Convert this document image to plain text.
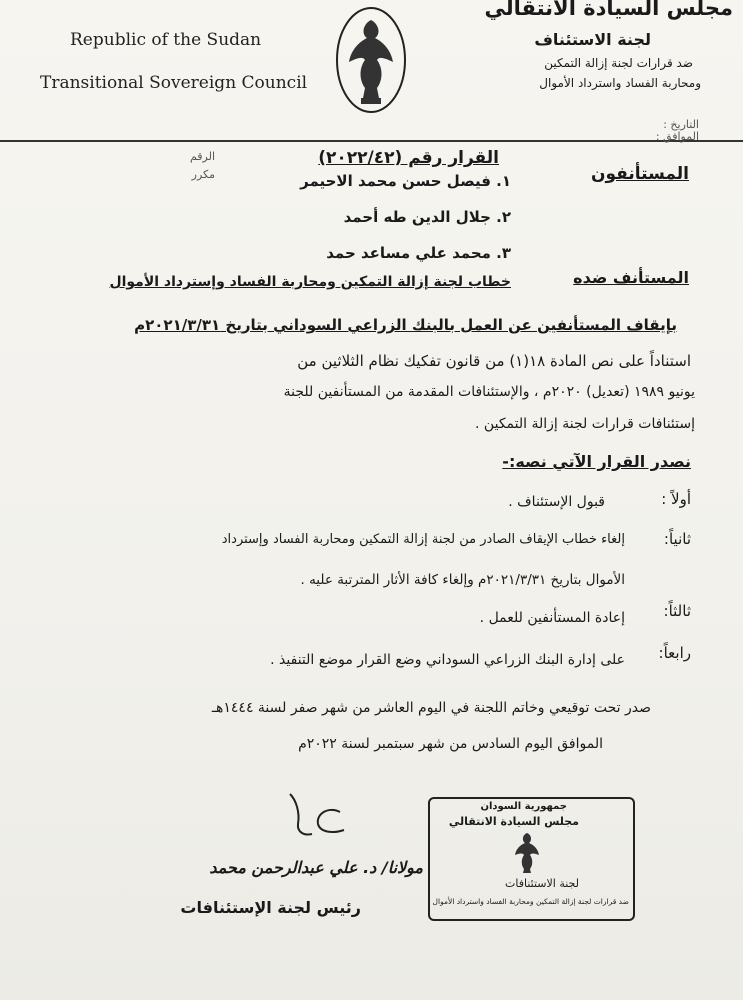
Republic of the Sudan
Transitional Sovereign Council
مجلس السيادة الانتقالي
لجنة الاستئناف
ضد قرارات لجنة إزالة التمكين
ومحاربة الفساد واسترداد الأموال
التاريخ :
الموافق :
الرقم
مكرر
القرار رقم (٢٠٢٢/٤٢)
المستأنفون
١. فيصل حسن محمد الاحيمر
٢. جلال الدين طه أحمد
٣. محمد علي مساعد حمد
المستأنف ضده
خطاب لجنة إزالة التمكين ومحاربة الفساد وإسترداد الأموال
بإيقاف المستأنفين عن العمل بالبنك الزراعي السوداني بتاريخ ٢٠٢١/٣/٣١م
استناداً على نص المادة ١٨(١) من قانون تفكيك نظام الثلاثين من
يونيو ١٩٨٩ (تعديل) ٢٠٢٠م ، والإستئنافات المقدمة من المستأنفين للجنة
إستئنافات قرارات لجنة إزالة التمكين .
نصدر القرار الآتي نصه:-
أولاً :
قبول الإستئناف .
ثانياً:
إلغاء خطاب الإيقاف الصادر من لجنة إزالة التمكين ومحاربة الفساد وإسترداد
الأموال بتاريخ ٢٠٢١/٣/٣١م وإلغاء كافة الأثار المترتبة عليه .
ثالثاً:
إعادة المستأنفين للعمل .
رابعاً:
على إدارة البنك الزراعي السوداني وضع القرار موضع التنفيذ .
صدر تحت توقيعي وخاتم اللجنة في اليوم العاشر من شهر صفر لسنة ١٤٤٤هـ
الموافق اليوم السادس من شهر سبتمبر لسنة ٢٠٢٢م
مولانا/ د. علي عبدالرحمن محمد
رئيس لجنة الإستئنافات
جمهورية السودان
مجلس السيادة الانتقالي
لجنة الاستئنافات
ضد قرارات لجنة إزالة التمكين ومحاربة الفساد واسترداد الأموال
